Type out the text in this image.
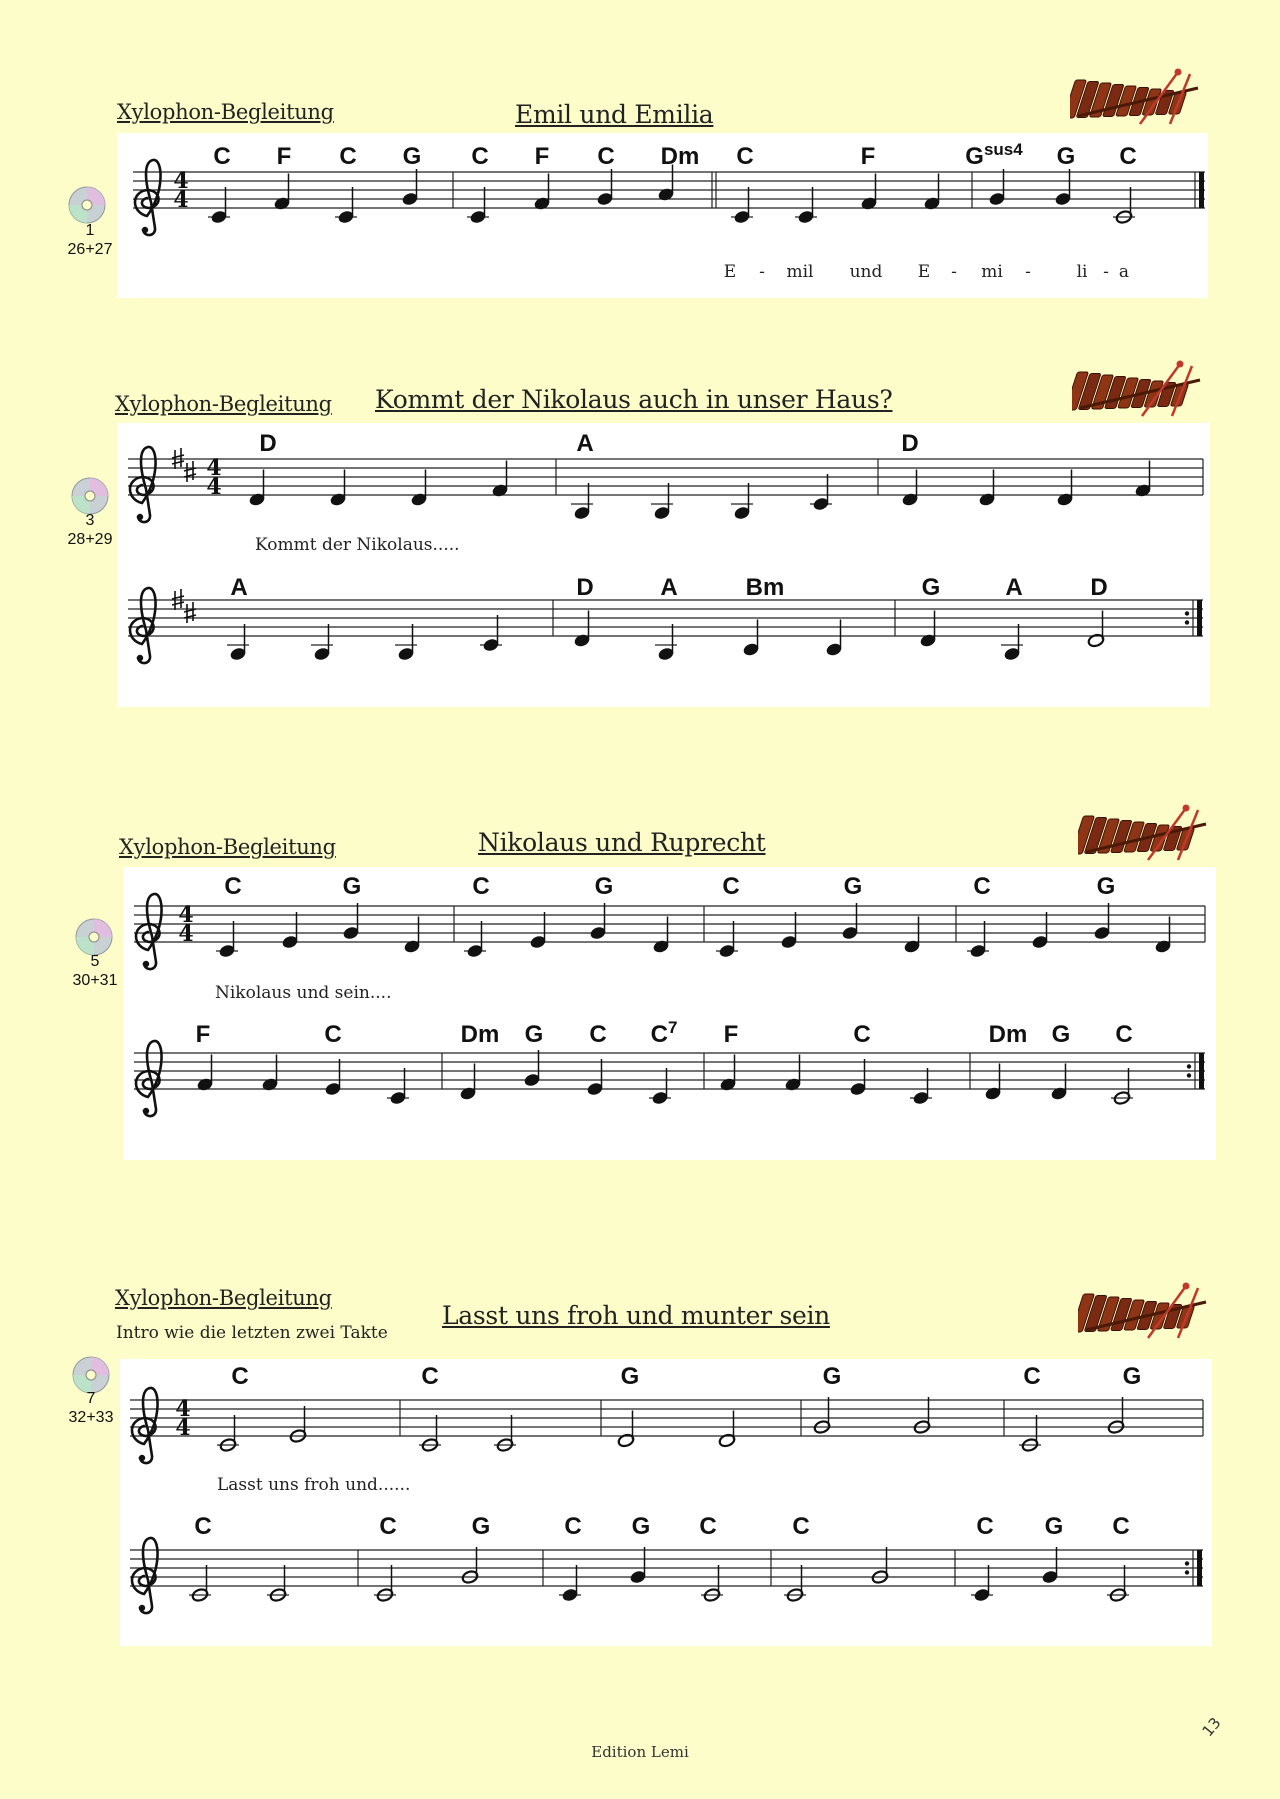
Xylophon-Begleitung	Emil und Emilia
1
26+27
4
4
C F C G C F C Dm C	F	$G^{sus4}$ G C
E - mil und E - mi -	li - a
Xylophon-Begleitung Kommt der Nikolaus auch in unser Haus?
3
28+29
4
4
D	A	D
Kommt der Nikolaus.....
A	D	A	Bm	G	A	D
Xylophon-Begleitung	Nikolaus und Ruprecht
5
30+31
4
4
C	G	C	G	C	G	C	G
Nikolaus und sein....
F	C	Dm G C $C^7$ F	C	Dm G C
Xylophon-Begleitung
Intro wie die letzten zwei Takte
Lasst uns froh und munter sein
7
32+33	4
4
C	C	G	G	C	G
Lasst uns froh und......
C	C	G	C G C	C	C G C
Edition Lemi
13
